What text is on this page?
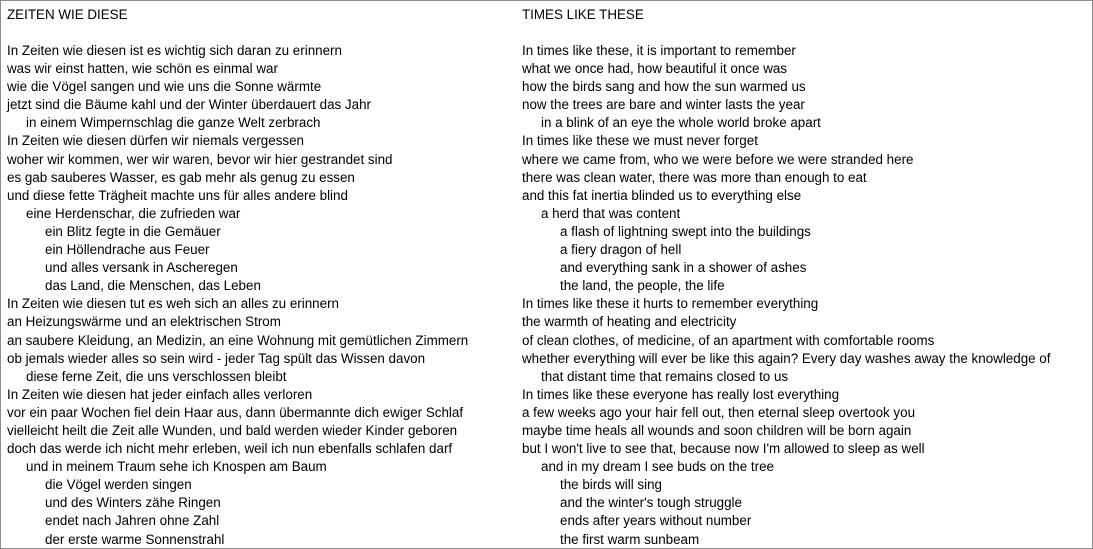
ZEITEN WIE DIESE
In Zeiten wie diesen ist es wichtig sich daran zu erinnern
was wir einst hatten, wie schön es einmal war
wie die Vögel sangen und wie uns die Sonne wärmte
jetzt sind die Bäume kahl und der Winter überdauert das Jahr
in einem Wimpernschlag die ganze Welt zerbrach
In Zeiten wie diesen dürfen wir niemals vergessen
woher wir kommen, wer wir waren, bevor wir hier gestrandet sind
es gab sauberes Wasser, es gab mehr als genug zu essen
und diese fette Trägheit machte uns für alles andere blind
eine Herdenschar, die zufrieden war
ein Blitz fegte in die Gemäuer
ein Höllendrache aus Feuer
und alles versank in Ascheregen
das Land, die Menschen, das Leben
In Zeiten wie diesen tut es weh sich an alles zu erinnern
an Heizungswärme und an elektrischen Strom
an saubere Kleidung, an Medizin, an eine Wohnung mit gemütlichen Zimmern
ob jemals wieder alles so sein wird - jeder Tag spült das Wissen davon
diese ferne Zeit, die uns verschlossen bleibt
In Zeiten wie diesen hat jeder einfach alles verloren
vor ein paar Wochen fiel dein Haar aus, dann übermannte dich ewiger Schlaf
vielleicht heilt die Zeit alle Wunden, und bald werden wieder Kinder geboren
doch das werde ich nicht mehr erleben, weil ich nun ebenfalls schlafen darf
und in meinem Traum sehe ich Knospen am Baum
die Vögel werden singen
und des Winters zähe Ringen
endet nach Jahren ohne Zahl
der erste warme Sonnenstrahl
TIMES LIKE THESE
In times like these, it is important to remember
what we once had, how beautiful it once was
how the birds sang and how the sun warmed us
now the trees are bare and winter lasts the year
in a blink of an eye the whole world broke apart
In times like these we must never forget
where we came from, who we were before we were stranded here
there was clean water, there was more than enough to eat
and this fat inertia blinded us to everything else
a herd that was content
a flash of lightning swept into the buildings
a fiery dragon of hell
and everything sank in a shower of ashes
the land, the people, the life
In times like these it hurts to remember everything
the warmth of heating and electricity
of clean clothes, of medicine, of an apartment with comfortable rooms
whether everything will ever be like this again? Every day washes away the knowledge of
that distant time that remains closed to us
In times like these everyone has really lost everything
a few weeks ago your hair fell out, then eternal sleep overtook you
maybe time heals all wounds and soon children will be born again
but I won't live to see that, because now I'm allowed to sleep as well
and in my dream I see buds on the tree
the birds will sing
and the winter's tough struggle
ends after years without number
the first warm sunbeam
